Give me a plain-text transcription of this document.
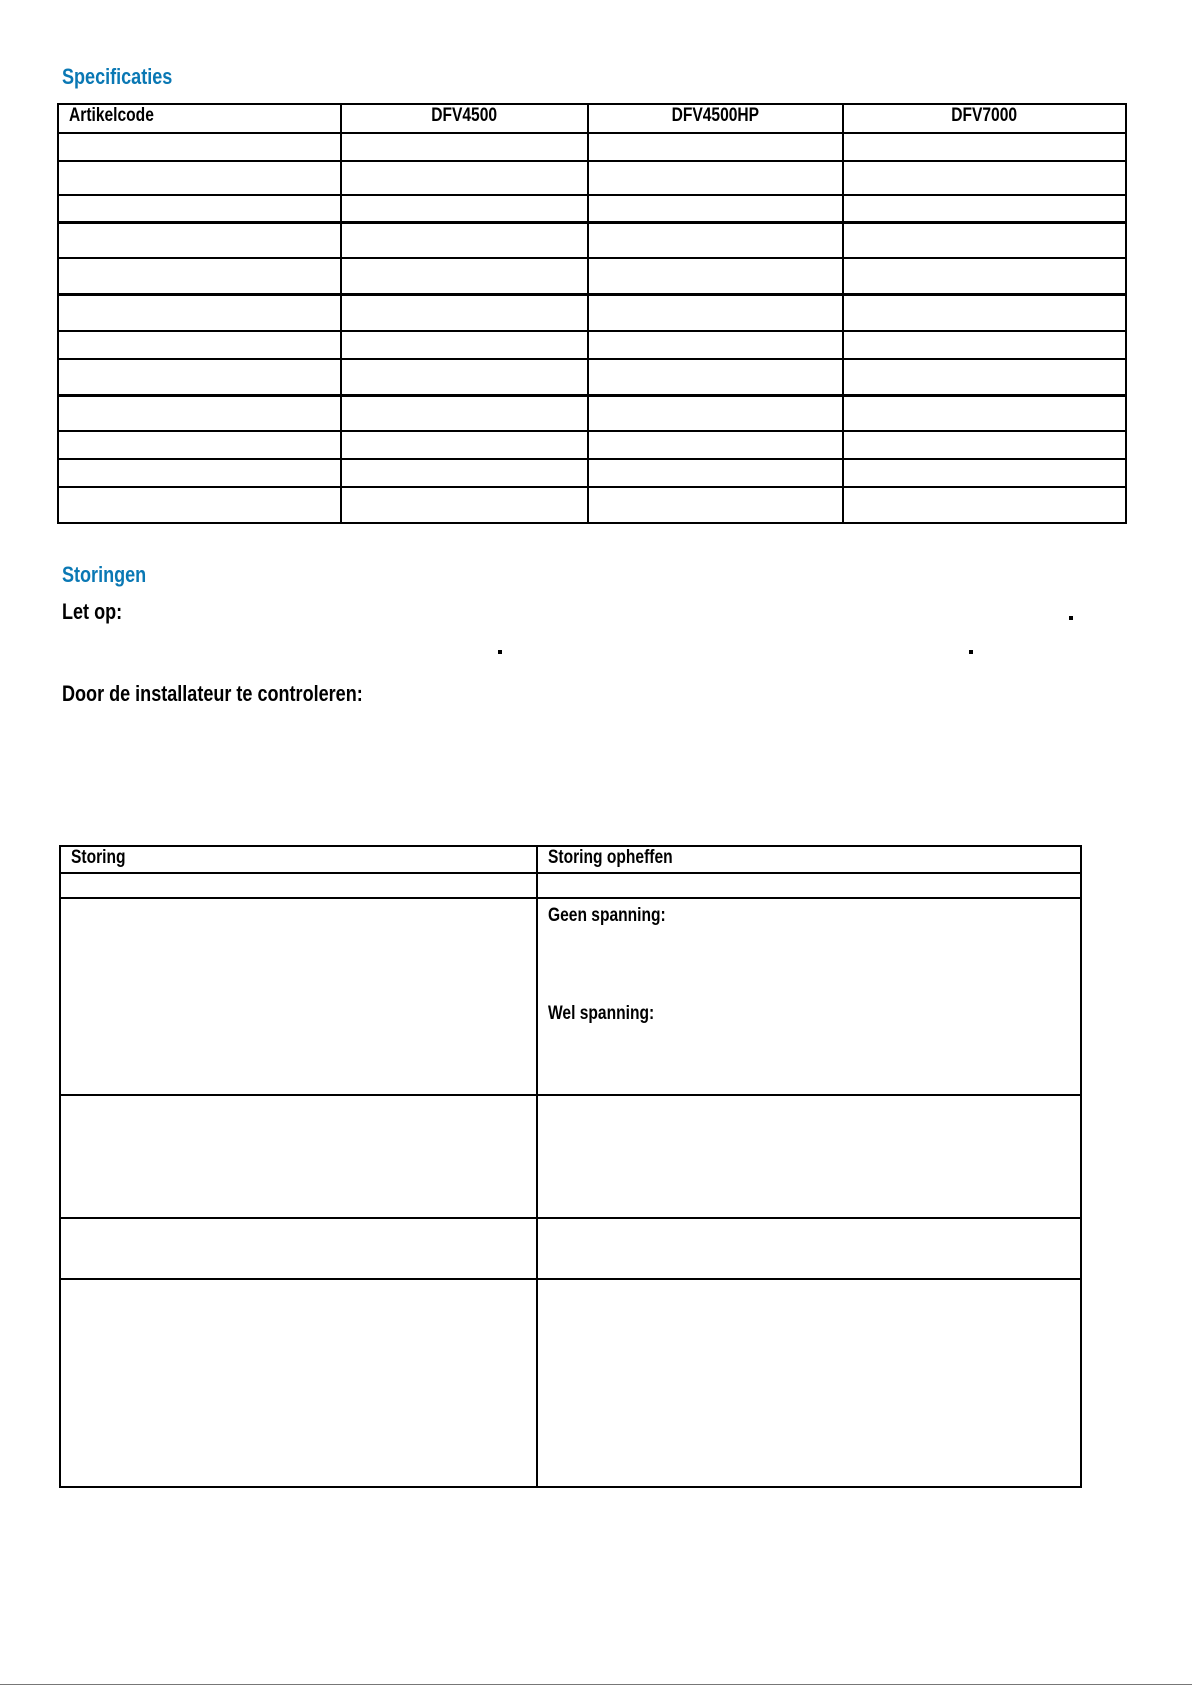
Specificaties
Artikelcode	DFV4500	DFV4500HP	DFV7000

Storingen
Let op:
Door de installateur te controleren:
Storing	Storing opheffen

	Geen spanning:
Wel spanning:
